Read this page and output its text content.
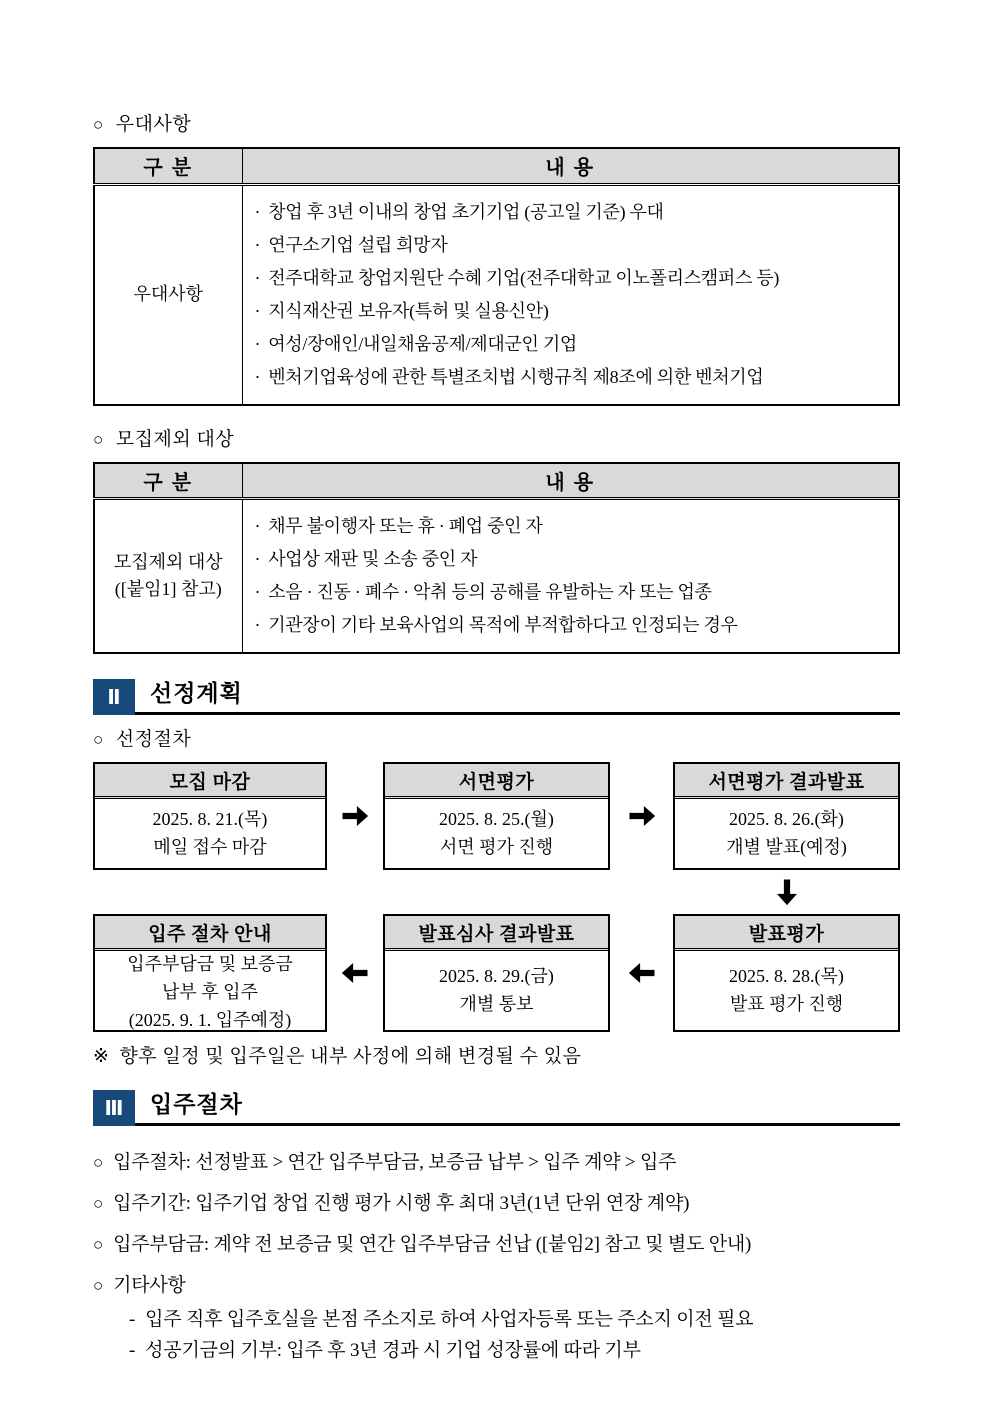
○ 우대사항
구 분	내 용
우대사항	
· 창업 후 3년 이내의 창업 초기기업 (공고일 기준) 우대
· 연구소기업 설립 희망자
· 전주대학교 창업지원단 수혜 기업(전주대학교 이노폴리스캠퍼스 등)
· 지식재산권 보유자(특허 및 실용신안)
· 여성/장애인/내일채움공제/제대군인 기업
· 벤처기업육성에 관한 특별조치법 시행규칙 제8조에 의한 벤처기업
○ 모집제외 대상
구 분	내 용

모집제외 대상
([붙임1] 참고)

· 채무 불이행자 또는 휴 · 폐업 중인 자
· 사업상 재판 및 소송 중인 자
· 소음 · 진동 · 폐수 · 악취 등의 공해를 유발하는 자 또는 업종
· 기관장이 기타 보육사업의 목적에 부적합하다고 인정되는 경우
Ⅱ	선정계획
○ 선정절차
모집 마감
2025. 8. 21.(목)
메일 접수 마감
서면평가
2025. 8. 25.(월)
서면 평가 진행
서면평가 결과발표
2025. 8. 26.(화)
개별 발표(예정)
입주 절차 안내
입주부담금 및 보증금
납부 후 입주
(2025. 9. 1. 입주예정)
발표심사 결과발표
2025. 8. 29.(금)
개별 통보
발표평가
2025. 8. 28.(목)
발표 평가 진행
※ 향후 일정 및 입주일은 내부 사정에 의해 변경될 수 있음
Ⅲ	입주절차
○ 입주절차: 선정발표 > 연간 입주부담금, 보증금 납부 > 입주 계약 > 입주
○ 입주기간: 입주기업 창업 진행 평가 시행 후 최대 3년(1년 단위 연장 계약)
○ 입주부담금: 계약 전 보증금 및 연간 입주부담금 선납 ([붙임2] 참고 및 별도 안내)
○ 기타사항
- 입주 직후 입주호실을 본점 주소지로 하여 사업자등록 또는 주소지 이전 필요
- 성공기금의 기부: 입주 후 3년 경과 시 기업 성장률에 따라 기부
